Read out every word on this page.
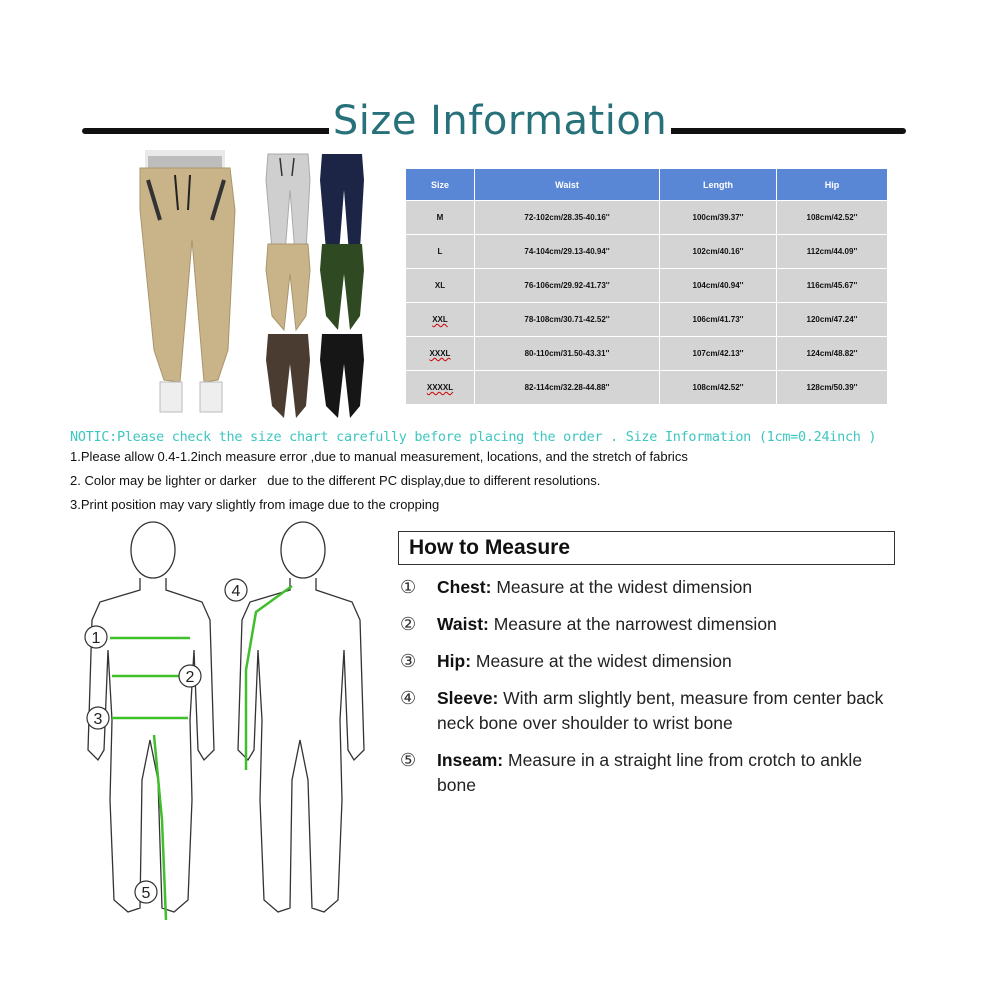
Size Information
Size	Waist	Length	Hip
M	72-102cm/28.35-40.16''	100cm/39.37''	108cm/42.52''
L	74-104cm/29.13-40.94''	102cm/40.16''	112cm/44.09''
XL	76-106cm/29.92-41.73''	104cm/40.94''	116cm/45.67''
XXL	78-108cm/30.71-42.52''	106cm/41.73''	120cm/47.24''
XXXL	80-110cm/31.50-43.31''	107cm/42.13''	124cm/48.82''
XXXXL	82-114cm/32.28-44.88''	108cm/42.52''	128cm/50.39''
NOTIC:Please check the size chart carefully before placing the order . Size Information (1cm=0.24inch )
1.Please allow 0.4-1.2inch measure error ,due to manual measurement, locations, and the stretch of fabrics
2. Color may be lighter or darker   due to the different PC display,due to different resolutions.
3.Print position may vary slightly from image due to the cropping
1
2
3
4
5
How to Measure
① Chest: Measure at the widest dimension
② Waist: Measure at the narrowest dimension
③ Hip: Measure at the widest dimension
④ Sleeve: With arm slightly bent, measure from center back neck bone over shoulder to wrist bone
⑤ Inseam: Measure in a straight line from crotch to ankle bone
